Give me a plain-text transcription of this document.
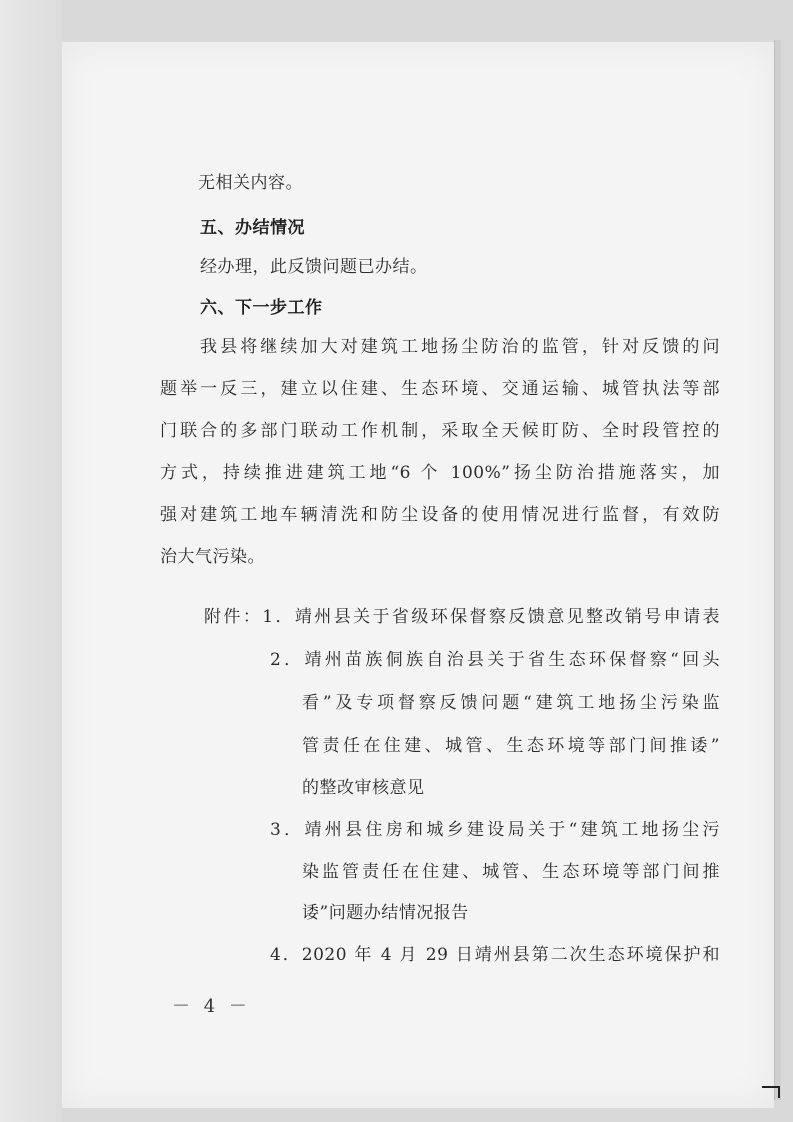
无相关内容。
五、办结情况
经办理，此反馈问题已办结。
六、下一步工作
我县将继续加大对建筑工地扬尘防治的监管，针对反馈的问
题举一反三，建立以住建、生态环境、交通运输、城管执法等部
门联合的多部门联动工作机制，采取全天候盯防、全时段管控的
方式，持续推进建筑工地“6 个 100%”扬尘防治措施落实，加
强对建筑工地车辆清洗和防尘设备的使用情况进行监督，有效防
治大气污染。
附件：1．靖州县关于省级环保督察反馈意见整改销号申请表
2．靖州苗族侗族自治县关于省生态环保督察“回头
看”及专项督察反馈问题“建筑工地扬尘污染监
管责任在住建、城管、生态环境等部门间推诿”
的整改审核意见
3．靖州县住房和城乡建设局关于“建筑工地扬尘污
染监管责任在住建、城管、生态环境等部门间推
诿”问题办结情况报告
4．2020 年 4 月 29 日靖州县第二次生态环境保护和
－ 4 －
